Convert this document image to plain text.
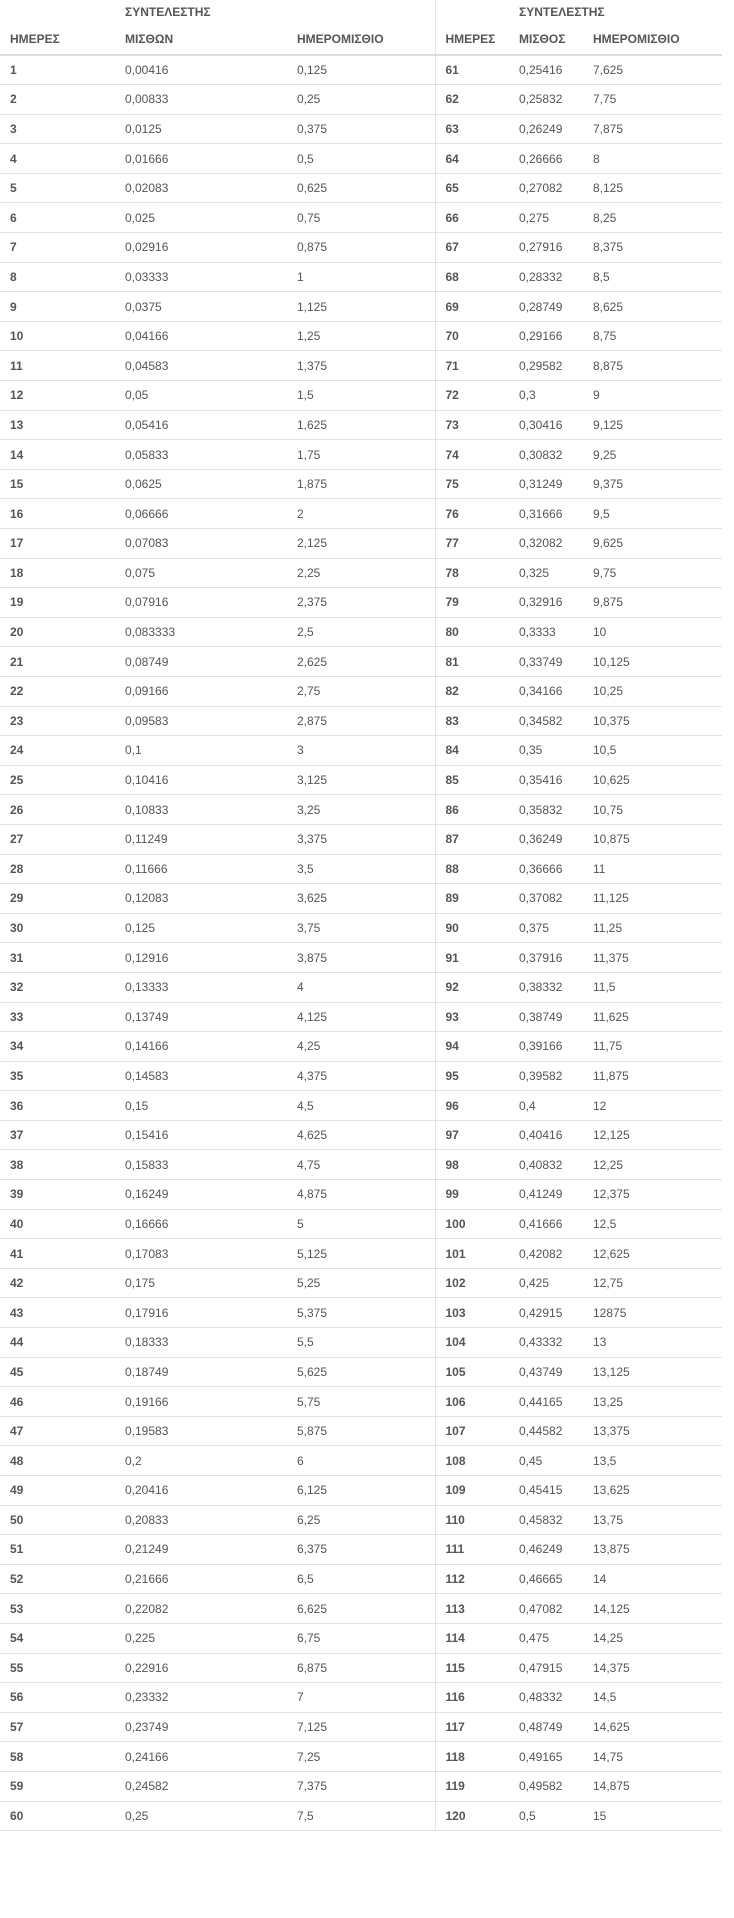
	ΣΥΝΤΕΛΕΣΤΗΣ			ΣΥΝΤΕΛΕΣΤΗΣ	
ΗΜΕΡΕΣ	ΜΙΣΘΩΝ	ΗΜΕΡΟΜΙΣΘΙΟ	ΗΜΕΡΕΣ	ΜΙΣΘΟΣ	ΗΜΕΡΟΜΙΣΘΙΟ
1	0,00416	0,125	61	0,25416	7,625
2	0,00833	0,25	62	0,25832	7,75
3	0,0125	0,375	63	0,26249	7,875
4	0,01666	0,5	64	0,26666	8
5	0,02083	0,625	65	0,27082	8,125
6	0,025	0,75	66	0,275	8,25
7	0,02916	0,875	67	0,27916	8,375
8	0,03333	1	68	0,28332	8,5
9	0,0375	1,125	69	0,28749	8,625
10	0,04166	1,25	70	0,29166	8,75
11	0,04583	1,375	71	0,29582	8,875
12	0,05	1,5	72	0,3	9
13	0,05416	1,625	73	0,30416	9,125
14	0,05833	1,75	74	0,30832	9,25
15	0,0625	1,875	75	0,31249	9,375
16	0,06666	2	76	0,31666	9,5
17	0,07083	2,125	77	0,32082	9,625
18	0,075	2,25	78	0,325	9,75
19	0,07916	2,375	79	0,32916	9,875
20	0,083333	2,5	80	0,3333	10
21	0,08749	2,625	81	0,33749	10,125
22	0,09166	2,75	82	0,34166	10,25
23	0,09583	2,875	83	0,34582	10,375
24	0,1	3	84	0,35	10,5
25	0,10416	3,125	85	0,35416	10,625
26	0,10833	3,25	86	0,35832	10,75
27	0,11249	3,375	87	0,36249	10,875
28	0,11666	3,5	88	0,36666	11
29	0,12083	3,625	89	0,37082	11,125
30	0,125	3,75	90	0,375	11,25
31	0,12916	3,875	91	0,37916	11,375
32	0,13333	4	92	0,38332	11,5
33	0,13749	4,125	93	0,38749	11,625
34	0,14166	4,25	94	0,39166	11,75
35	0,14583	4,375	95	0,39582	11,875
36	0,15	4,5	96	0,4	12
37	0,15416	4,625	97	0,40416	12,125
38	0,15833	4,75	98	0,40832	12,25
39	0,16249	4,875	99	0,41249	12,375
40	0,16666	5	100	0,41666	12,5
41	0,17083	5,125	101	0,42082	12,625
42	0,175	5,25	102	0,425	12,75
43	0,17916	5,375	103	0,42915	12875
44	0,18333	5,5	104	0,43332	13
45	0,18749	5,625	105	0,43749	13,125
46	0,19166	5,75	106	0,44165	13,25
47	0,19583	5,875	107	0,44582	13,375
48	0,2	6	108	0,45	13,5
49	0,20416	6,125	109	0,45415	13,625
50	0,20833	6,25	110	0,45832	13,75
51	0,21249	6,375	111	0,46249	13,875
52	0,21666	6,5	112	0,46665	14
53	0,22082	6,625	113	0,47082	14,125
54	0,225	6,75	114	0,475	14,25
55	0,22916	6,875	115	0,47915	14,375
56	0,23332	7	116	0,48332	14,5
57	0,23749	7,125	117	0,48749	14,625
58	0,24166	7,25	118	0,49165	14,75
59	0,24582	7,375	119	0,49582	14,875
60	0,25	7,5	120	0,5	15
